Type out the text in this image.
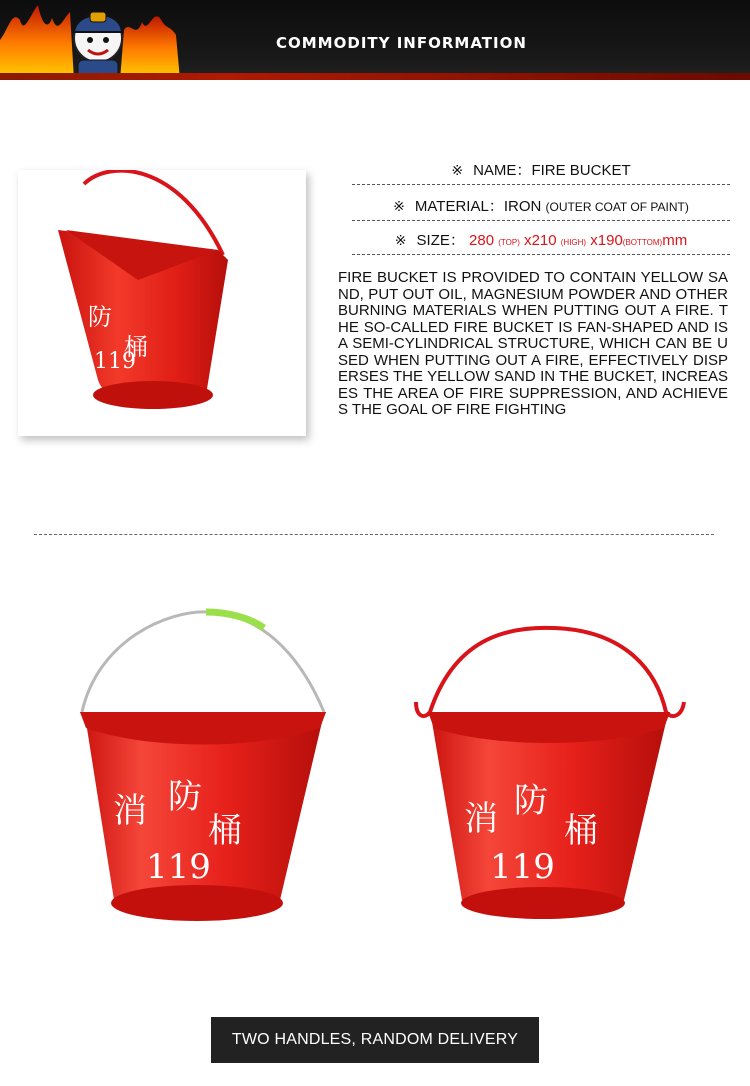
COMMODITY INFORMATION
防
桶
119
※ NAME：FIRE BUCKET
※ MATERIAL：IRON (OUTER COAT OF PAINT)
※ SIZE： 280 (TOP) x210 (HIGH) x190(BOTTOM)mm
FIRE BUCKET IS PROVIDED TO CONTAIN YELLOW SAND, PUT OUT OIL, MAGNESIUM POWDER AND OTHER BURNING MATERIALS WHEN PUTTING OUT A FIRE. THE SO-CALLED FIRE BUCKET IS FAN-SHAPED AND IS A SEMI-CYLINDRICAL STRUCTURE, WHICH CAN BE USED WHEN PUTTING OUT A FIRE, EFFECTIVELY DISPERSES THE YELLOW SAND IN THE BUCKET, INCREASES THE AREA OF FIRE SUPPRESSION, AND ACHIEVES THE GOAL OF FIRE FIGHTING
消 防
桶
119
消 防
桶
119
TWO HANDLES, RANDOM DELIVERY
